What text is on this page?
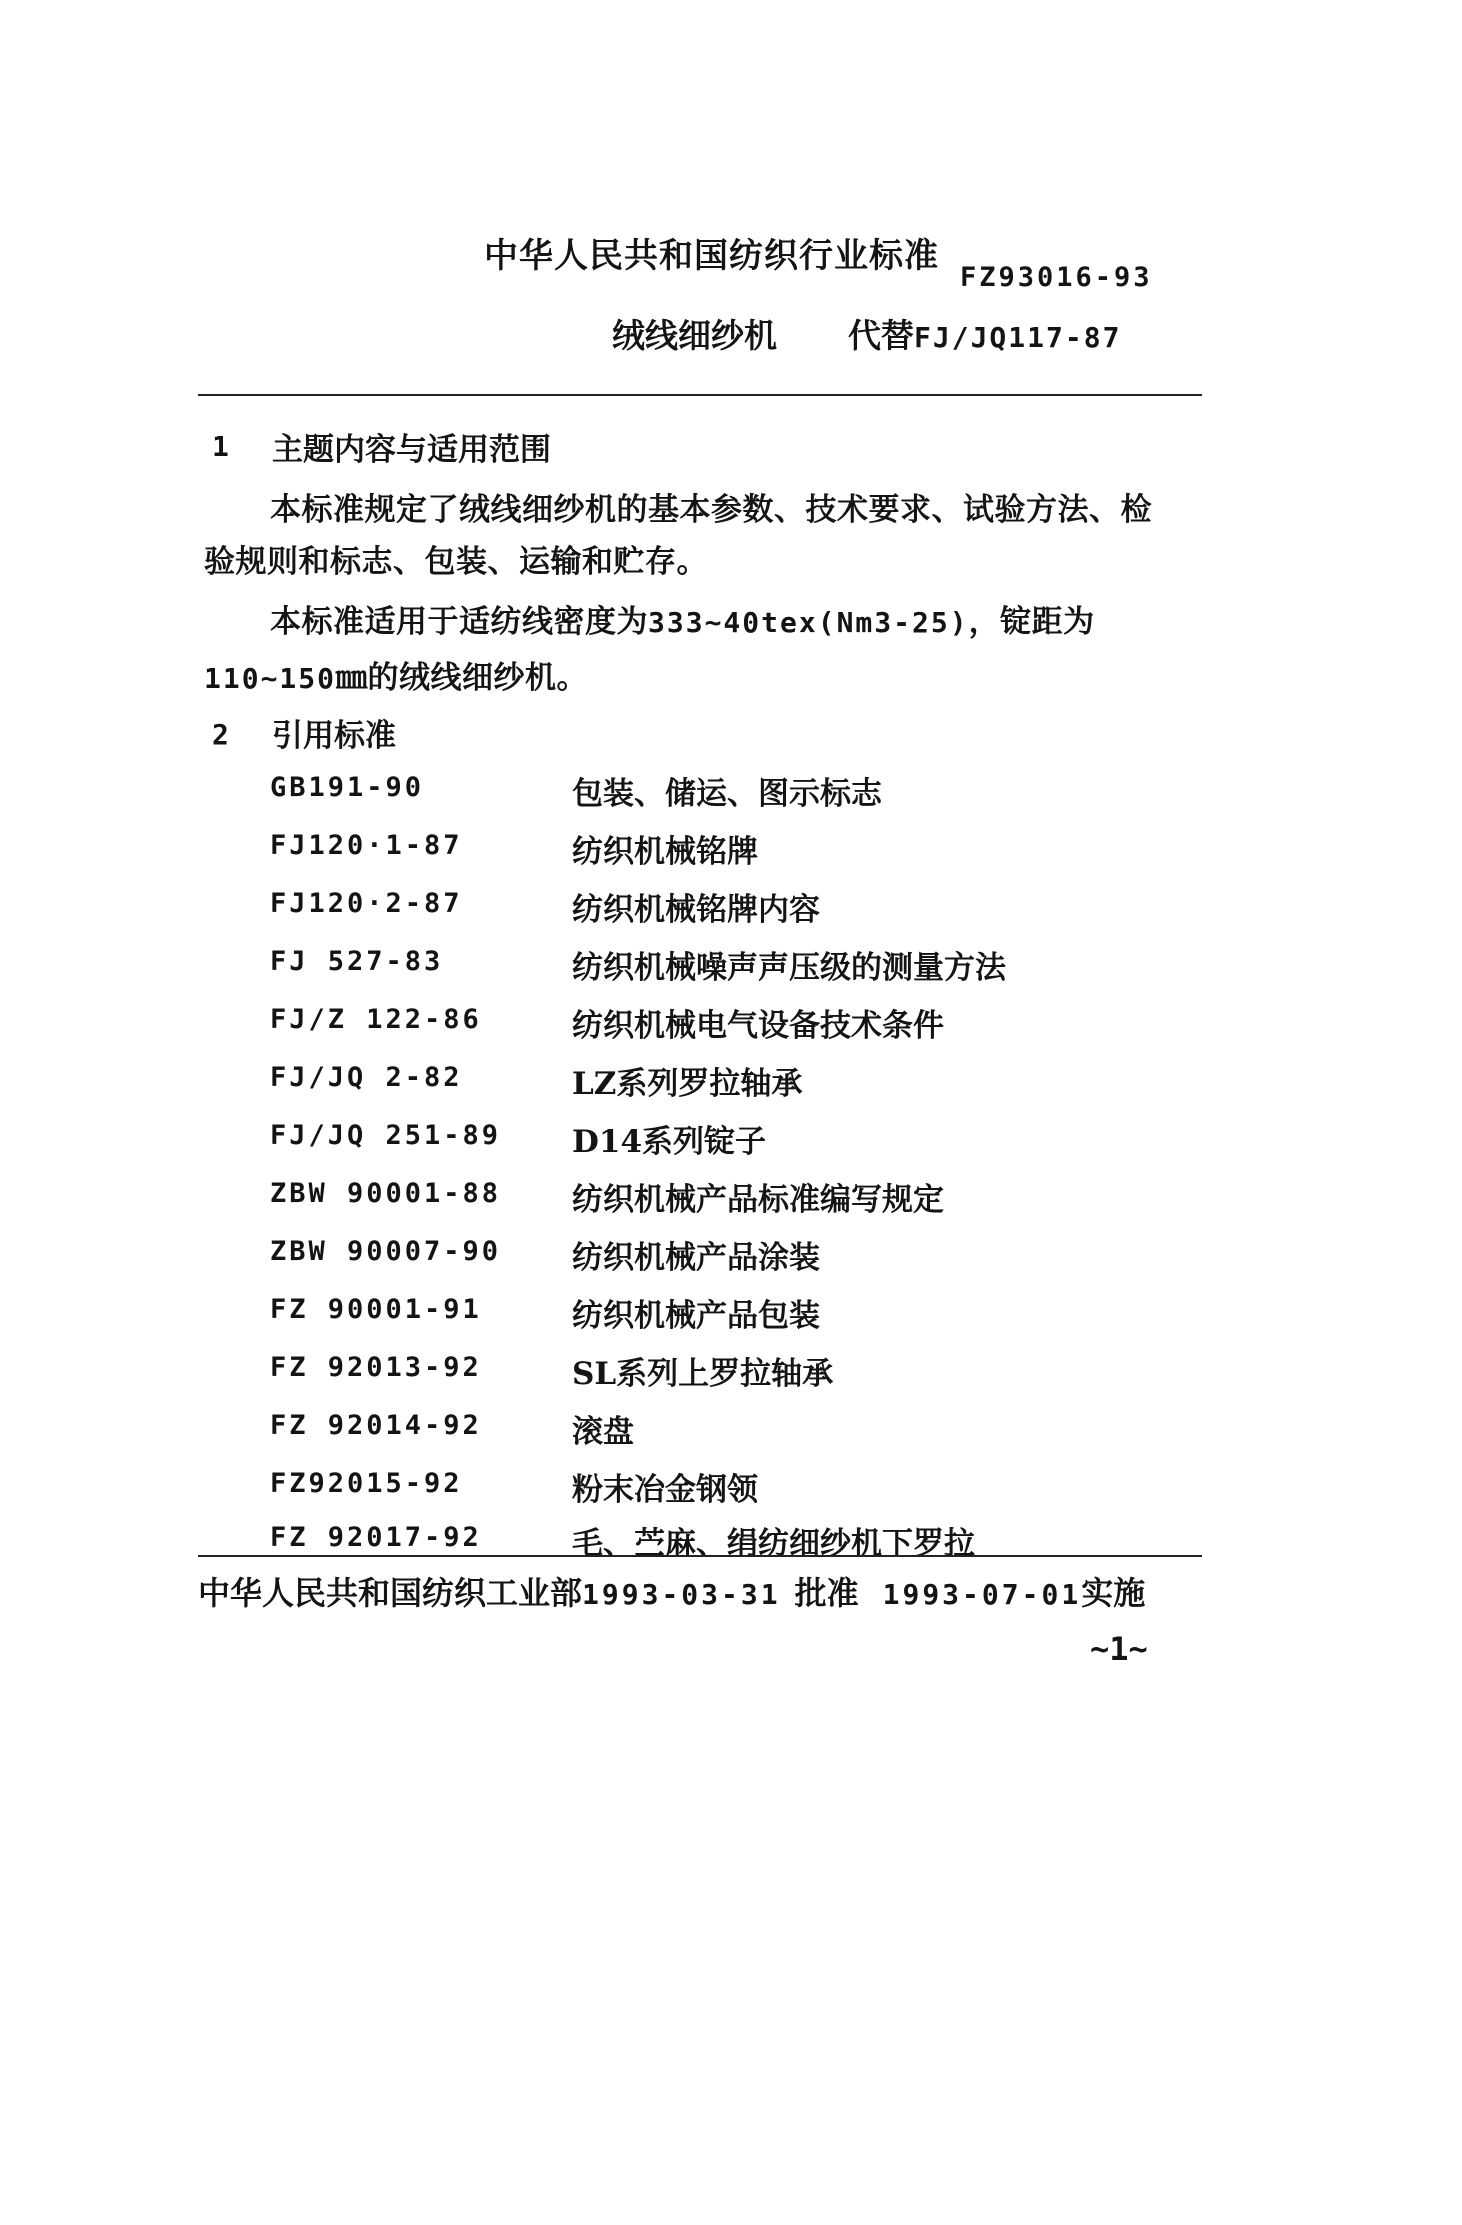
中华人民共和国纺织行业标准
FZ93016-93
绒线细纱机 代替FJ/JQ117-87
1 主题内容与适用范围
本标准规定了绒线细纱机的基本参数、技术要求、试验方法、检
验规则和标志、包装、运输和贮存。
本标准适用于适纺线密度为333~40tex(Nm3-25)，锭距为
110~150㎜的绒线细纱机。
2 引用标准
GB191-90	包装、储运、图示标志
FJ120·1-87	纺织机械铭牌
FJ120·2-87	纺织机械铭牌内容
FJ 527-83	纺织机械噪声声压级的测量方法
FJ/Z 122-86	纺织机械电气设备技术条件
FJ/JQ 2-82	LZ系列罗拉轴承
FJ/JQ 251-89 D14系列锭子
ZBW 90001-88 纺织机械产品标准编写规定
ZBW 90007-90 纺织机械产品涂装
FZ 90001-91	纺织机械产品包装
FZ 92013-92	SL系列上罗拉轴承
FZ 92014-92	滚盘
FZ92015-92	粉末冶金钢领
FZ 92017-92	毛、苎麻、绢纺细纱机下罗拉
中华人民共和国纺织工业部1993-03-31 批准 1993-07-01实施
~1~
